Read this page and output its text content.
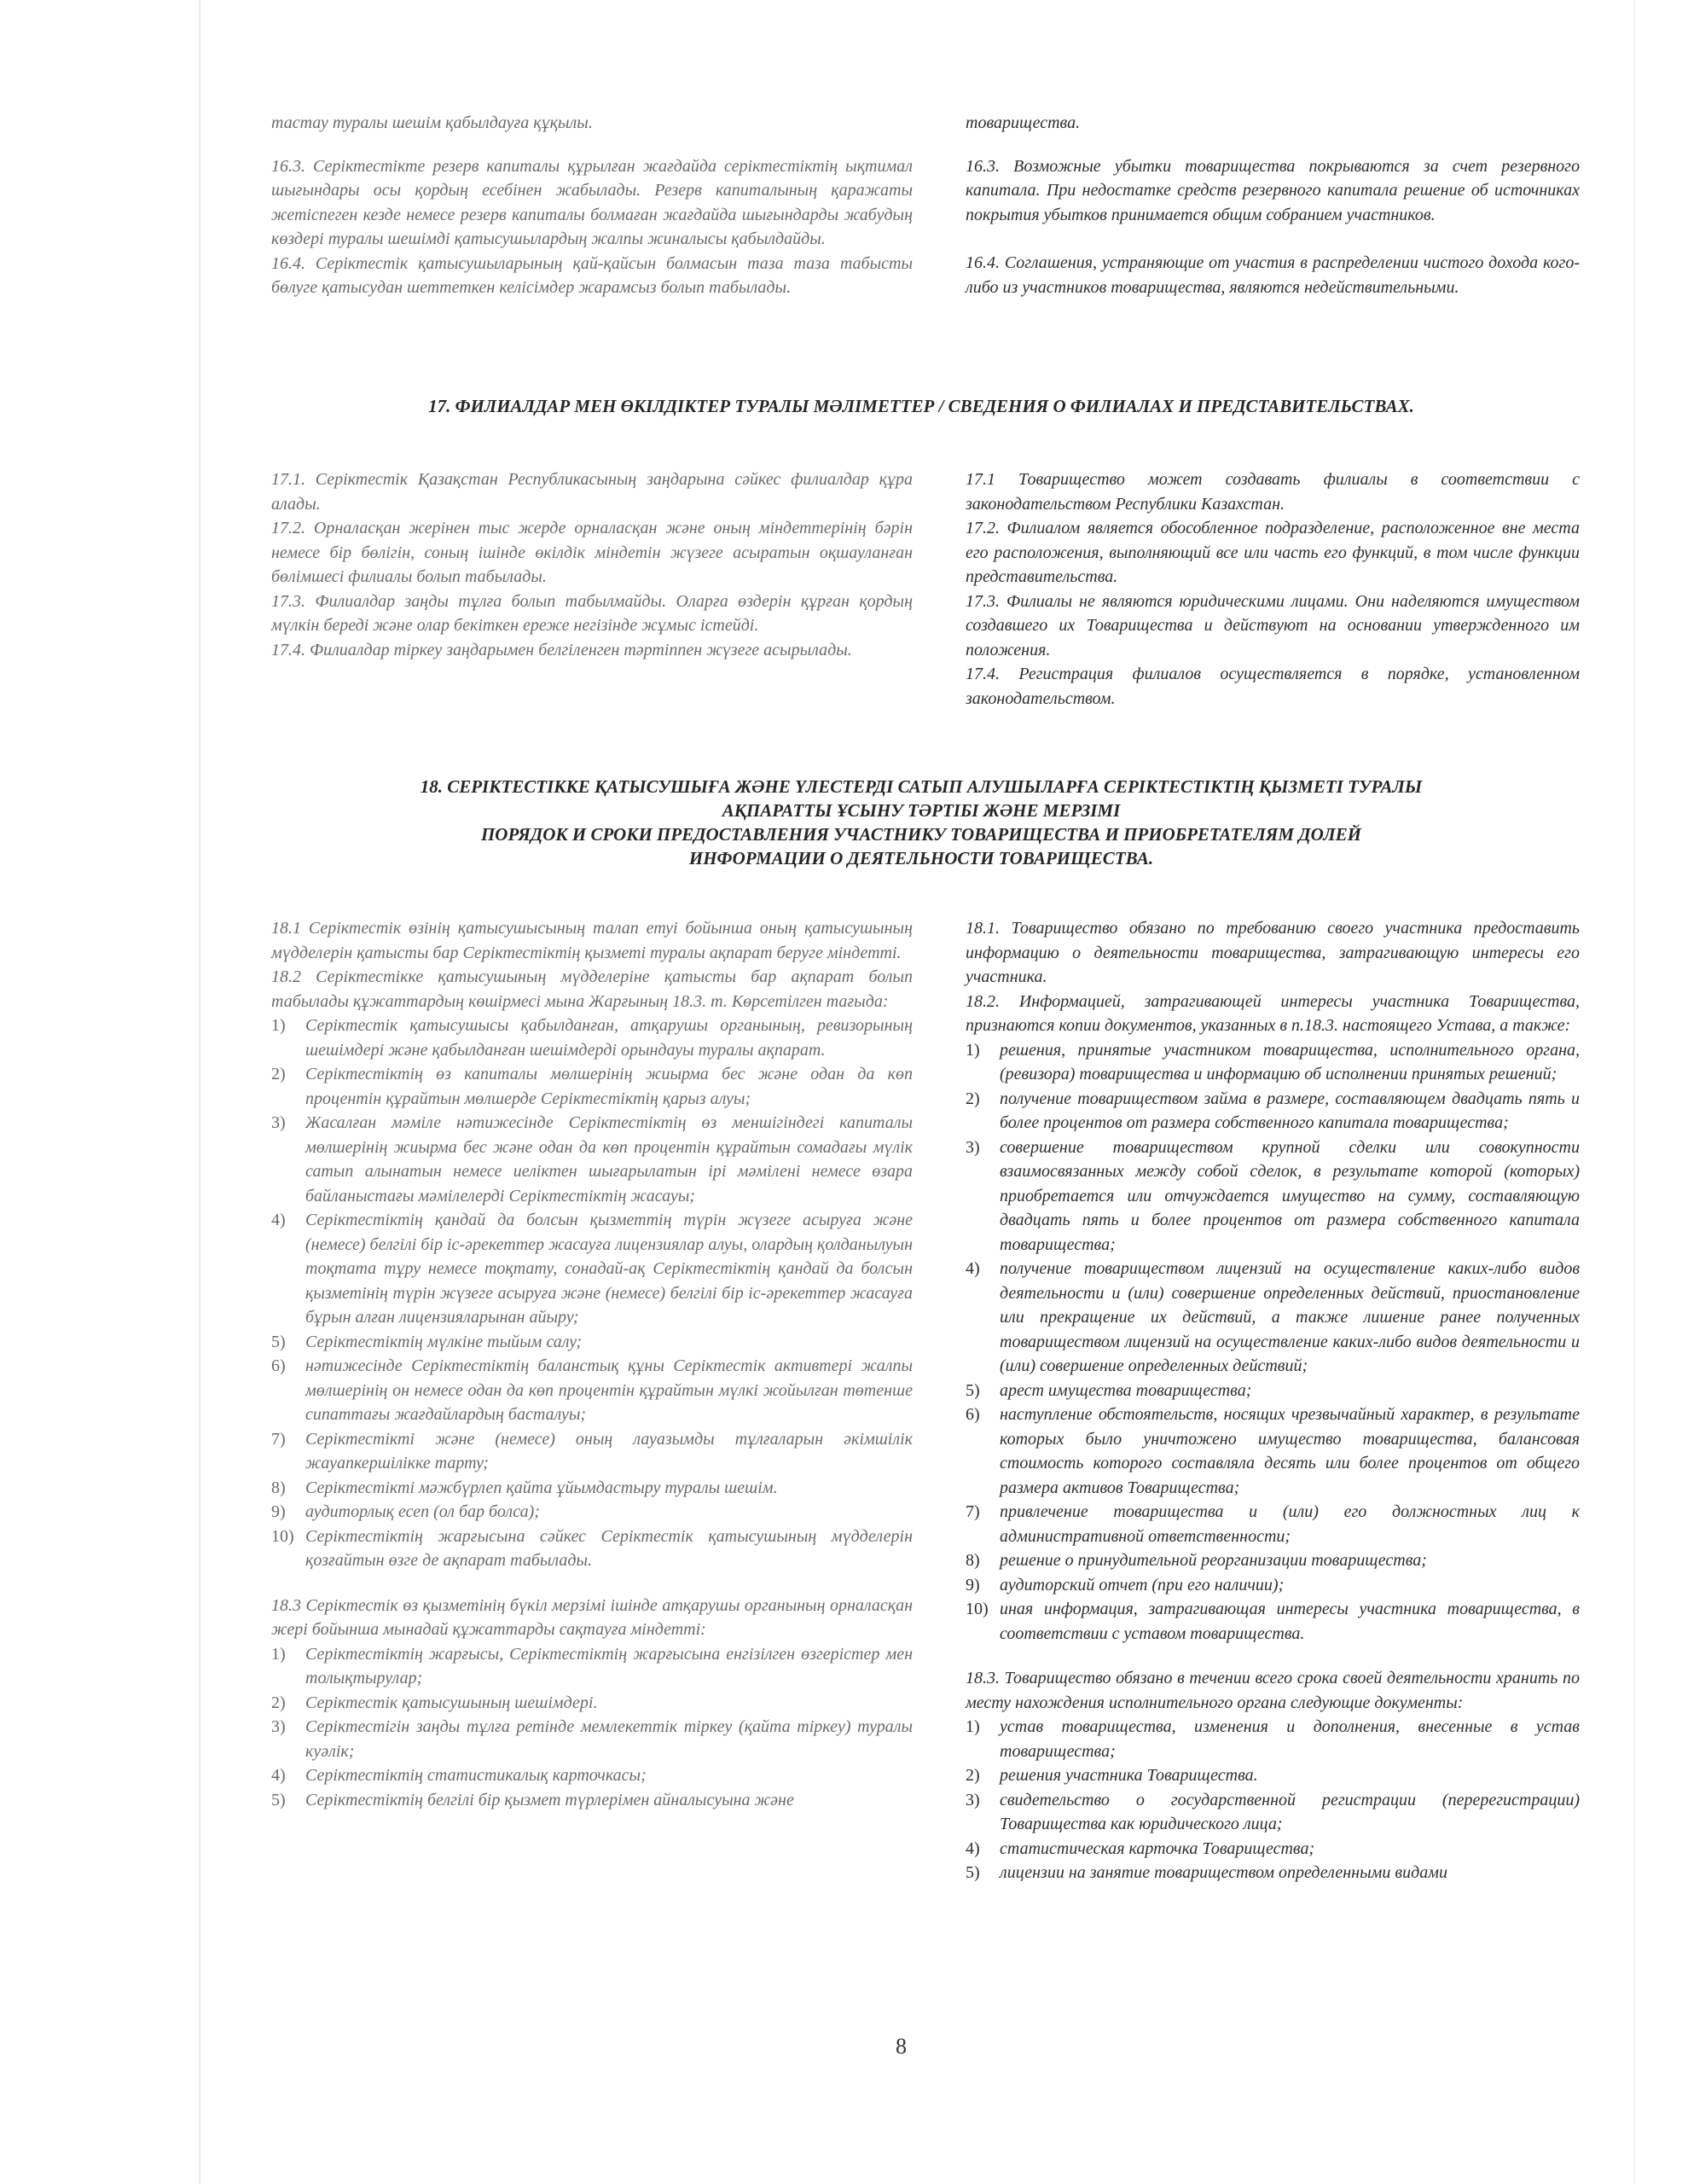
тастау туралы шешім қабылдауға құқылы.

16.3. Серіктестікте резерв капиталы құрылған жағдайда серіктестіктің ықтимал шығындары осы қордың есебінен жабылады. Резерв капиталының қаражаты жетіспеген кезде немесе резерв капиталы болмаған жағдайда шығындарды жабудың көздері туралы шешімді қатысушылардың жалпы жиналысы қабылдайды.

16.4. Серіктестік қатысушыларының қай-қайсын болмасын таза таза табысты бөлуге қатысудан шеттеткен келісімдер жарамсыз болып табылады.

товарищества.

16.3. Возможные убытки товарищества покрываются за счет резервного капитала. При недостатке средств резервного капитала решение об источниках покрытия убытков принимается общим собранием участников.

16.4. Соглашения, устраняющие от участия в распределении чистого дохода кого-либо из участников товарищества, являются недействительными.

17. ФИЛИАЛДАР МЕН ӨКІЛДІКТЕР ТУРАЛЫ МӘЛІМЕТТЕР / СВЕДЕНИЯ О ФИЛИАЛАХ И ПРЕДСТАВИТЕЛЬСТВАХ.

17.1. Серіктестік Қазақстан Республикасының заңдарына сәйкес филиалдар құра алады.

17.2. Орналасқан жерінен тыс жерде орналасқан және оның міндеттерінің бәрін немесе бір бөлігін, соның ішінде өкілдік міндетін жүзеге асыратын оқшауланған бөлімшесі филиалы болып табылады.

17.3. Филиалдар заңды тұлға болып табылмайды. Оларға өздерін құрған қордың мүлкін береді және олар бекіткен ереже негізінде жұмыс істейді.

17.4. Филиалдар тіркеу заңдарымен белгіленген тәртіппен жүзеге асырылады.

17.1 Товарищество может создавать филиалы в соответствии с законодательством Республики Казахстан.

17.2. Филиалом является обособленное подразделение, расположенное вне места его расположения, выполняющий все или часть его функций, в том числе функции представительства.

17.3. Филиалы не являются юридическими лицами. Они наделяются имуществом создавшего их Товарищества и действуют на основании утвержденного им положения.

17.4. Регистрация филиалов осуществляется в порядке, установленном законодательством.

18. СЕРІКТЕСТІККЕ ҚАТЫСУШЫҒА ЖӘНЕ ҮЛЕСТЕРДІ САТЫП АЛУШЫЛАРҒА СЕРІКТЕСТІКТІҢ ҚЫЗМЕТІ ТУРАЛЫ
АҚПАРАТТЫ ҰСЫНУ ТӘРТІБІ ЖӘНЕ МЕРЗІМІ
ПОРЯДОК И СРОКИ ПРЕДОСТАВЛЕНИЯ УЧАСТНИКУ ТОВАРИЩЕСТВА И ПРИОБРЕТАТЕЛЯМ ДОЛЕЙ
ИНФОРМАЦИИ О ДЕЯТЕЛЬНОСТИ ТОВАРИЩЕСТВА.

18.1 Серіктестік өзінің қатысушысының талап етуі бойынша оның қатысушының мүдделерін қатысты бар Серіктестіктің қызметі туралы ақпарат беруге міндетті.

18.2 Серіктестікке қатысушының мүдделеріне қатысты бар ақпарат болып табылады құжаттардың көшірмесі мына Жарғының 18.3. т. Көрсетілген тағыда:

1) Серіктестік қатысушысы қабылданған, атқарушы органының, ревизорының шешімдері және қабылданған шешімдерді орындауы туралы ақпарат.
2) Серіктестіктің өз капиталы мөлшерінің жиырма бес және одан да көп процентін құрайтын мөлшерде Серіктестіктің қарыз алуы;
3) Жасалған мәміле нәтижесінде Серіктестіктің өз меншігіндегі капиталы мөлшерінің жиырма бес және одан да көп процентін құрайтын сомадағы мүлік сатып алынатын немесе иеліктен шығарылатын ірі мәмілені немесе өзара байланыстағы мәмілелерді Серіктестіктің жасауы;
4) Серіктестіктің қандай да болсын қызметтің түрін жүзеге асыруға және (немесе) белгілі бір іс-әрекеттер жасауға лицензиялар алуы, олардың қолданылуын тоқтата тұру немесе тоқтату, сонадай-ақ Серіктестіктің қандай да болсын қызметінің түрін жүзеге асыруға және (немесе) белгілі бір іс-әрекеттер жасауға бұрын алған лицензияларынан айыру;
5) Серіктестіктің мүлкіне тыйым салу;
6) нәтижесінде Серіктестіктің баланстық құны Серіктестік активтері жалпы мөлшерінің он немесе одан да көп процентін құрайтын мүлкі жойылған төтенше сипаттағы жағдайлардың басталуы;
7) Серіктестікті және (немесе) оның лауазымды тұлғаларын әкімшілік жауапкершілікке тарту;
8) Серіктестікті мәжбүрлеп қайта ұйымдастыру туралы шешім.
9) аудиторлық есеп (ол бар болса);
10) Серіктестіктің жарғысына сәйкес Серіктестік қатысушының мүдделерін қозғайтын өзге де ақпарат табылады.

18.3 Серіктестік өз қызметінің бүкіл мерзімі ішінде атқарушы органының орналасқан жері бойынша мынадай құжаттарды сақтауға міндетті:

1) Серіктестіктің жарғысы, Серіктестіктің жарғысына енгізілген өзгерістер мен толықтырулар;
2) Серіктестік қатысушының шешімдері.
3) Серіктестігін заңды тұлға ретінде мемлекеттік тіркеу (қайта тіркеу) туралы куәлік;
4) Серіктестіктің статистикалық карточкасы;
5) Серіктестіктің белгілі бір қызмет түрлерімен айналысуына және

18.1. Товарищество обязано по требованию своего участника предоставить информацию о деятельности товарищества, затрагивающую интересы его участника.

18.2. Информацией, затрагивающей интересы участника Товарищества, признаются копии документов, указанных в п.18.3. настоящего Устава, а также:

1) решения, принятые участником товарищества, исполнительного органа, (ревизора) товарищества и информацию об исполнении принятых решений;
2) получение товариществом займа в размере, составляющем двадцать пять и более процентов от размера собственного капитала товарищества;
3) совершение товариществом крупной сделки или совокупности взаимосвязанных между собой сделок, в результате которой (которых) приобретается или отчуждается имущество на сумму, составляющую двадцать пять и более процентов от размера собственного капитала товарищества;
4) получение товариществом лицензий на осуществление каких-либо видов деятельности и (или) совершение определенных действий, приостановление или прекращение их действий, а также лишение ранее полученных товариществом лицензий на осуществление каких-либо видов деятельности и (или) совершение определенных действий;
5) арест имущества товарищества;
6) наступление обстоятельств, носящих чрезвычайный характер, в результате которых было уничтожено имущество товарищества, балансовая стоимость которого составляла десять или более процентов от общего размера активов Товарищества;
7) привлечение товарищества и (или) его должностных лиц к административной ответственности;
8) решение о принудительной реорганизации товарищества;
9) аудиторский отчет (при его наличии);
10) иная информация, затрагивающая интересы участника товарищества, в соответствии с уставом товарищества.

18.3. Товарищество обязано в течении всего срока своей деятельности хранить по месту нахождения исполнительного органа следующие документы:

1) устав товарищества, изменения и дополнения, внесенные в устав товарищества;
2) решения участника Товарищества.
3) свидетельство о государственной регистрации (перерегистрации) Товарищества как юридического лица;
4) статистическая карточка Товарищества;
5) лицензии на занятие товариществом определенными видами
8
